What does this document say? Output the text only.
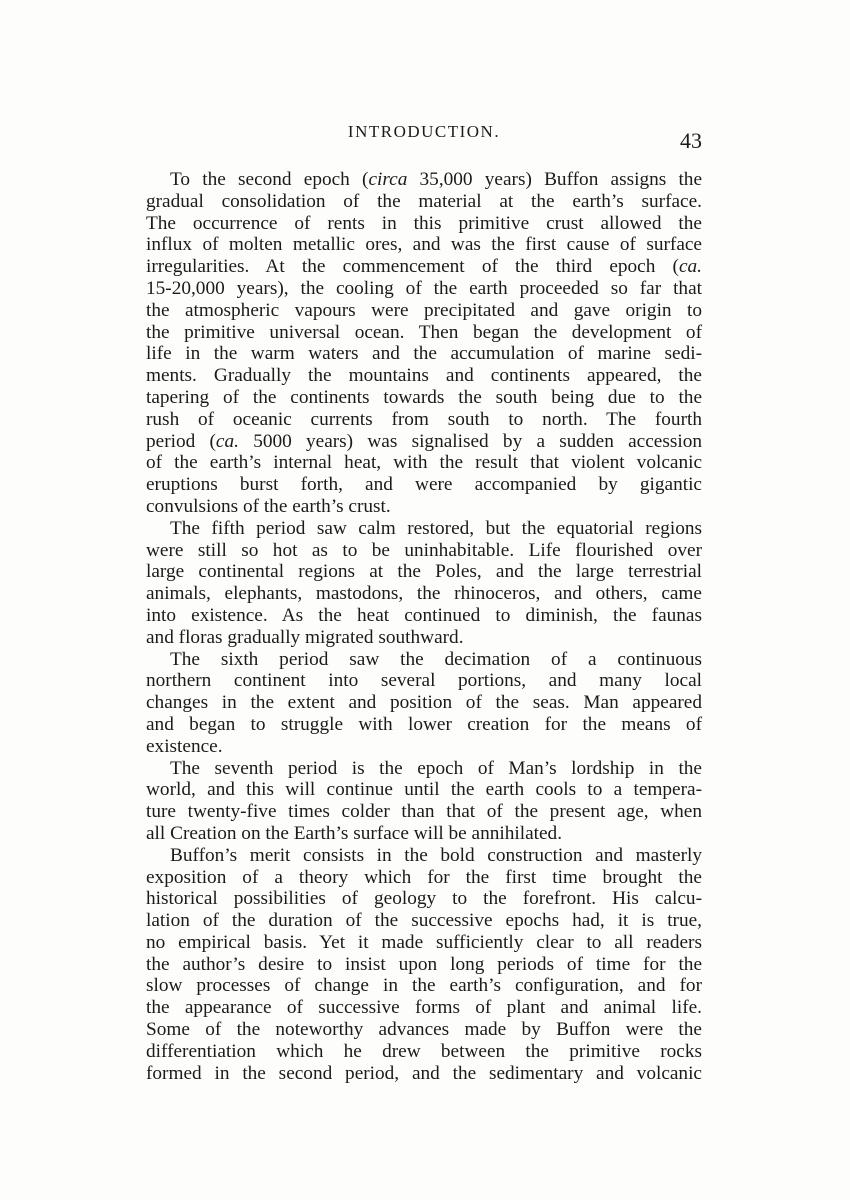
INTRODUCTION.	43
To the second epoch (circa 35,000 years) Buffon assigns the
gradual consolidation of the material at the earth’s surface.
The occurrence of rents in this primitive crust allowed the
influx of molten metallic ores, and was the first cause of surface
irregularities. At the commencement of the third epoch (ca.
15-20,000 years), the cooling of the earth proceeded so far that
the atmospheric vapours were precipitated and gave origin to
the primitive universal ocean. Then began the development of
life in the warm waters and the accumulation of marine sedi-
ments. Gradually the mountains and continents appeared, the
tapering of the continents towards the south being due to the
rush of oceanic currents from south to north. The fourth
period (ca. 5000 years) was signalised by a sudden accession
of the earth’s internal heat, with the result that violent volcanic
eruptions burst forth, and were accompanied by gigantic
convulsions of the earth’s crust.
The fifth period saw calm restored, but the equatorial regions
were still so hot as to be uninhabitable. Life flourished over
large continental regions at the Poles, and the large terrestrial
animals, elephants, mastodons, the rhinoceros, and others, came
into existence. As the heat continued to diminish, the faunas
and floras gradually migrated southward.
The sixth period saw the decimation of a continuous
northern continent into several portions, and many local
changes in the extent and position of the seas. Man appeared
and began to struggle with lower creation for the means of
existence.
The seventh period is the epoch of Man’s lordship in the
world, and this will continue until the earth cools to a tempera-
ture twenty-five times colder than that of the present age, when
all Creation on the Earth’s surface will be annihilated.
Buffon’s merit consists in the bold construction and masterly
exposition of a theory which for the first time brought the
historical possibilities of geology to the forefront. His calcu-
lation of the duration of the successive epochs had, it is true,
no empirical basis. Yet it made sufficiently clear to all readers
the author’s desire to insist upon long periods of time for the
slow processes of change in the earth’s configuration, and for
the appearance of successive forms of plant and animal life.
Some of the noteworthy advances made by Buffon were the
differentiation which he drew between the primitive rocks
formed in the second period, and the sedimentary and volcanic
